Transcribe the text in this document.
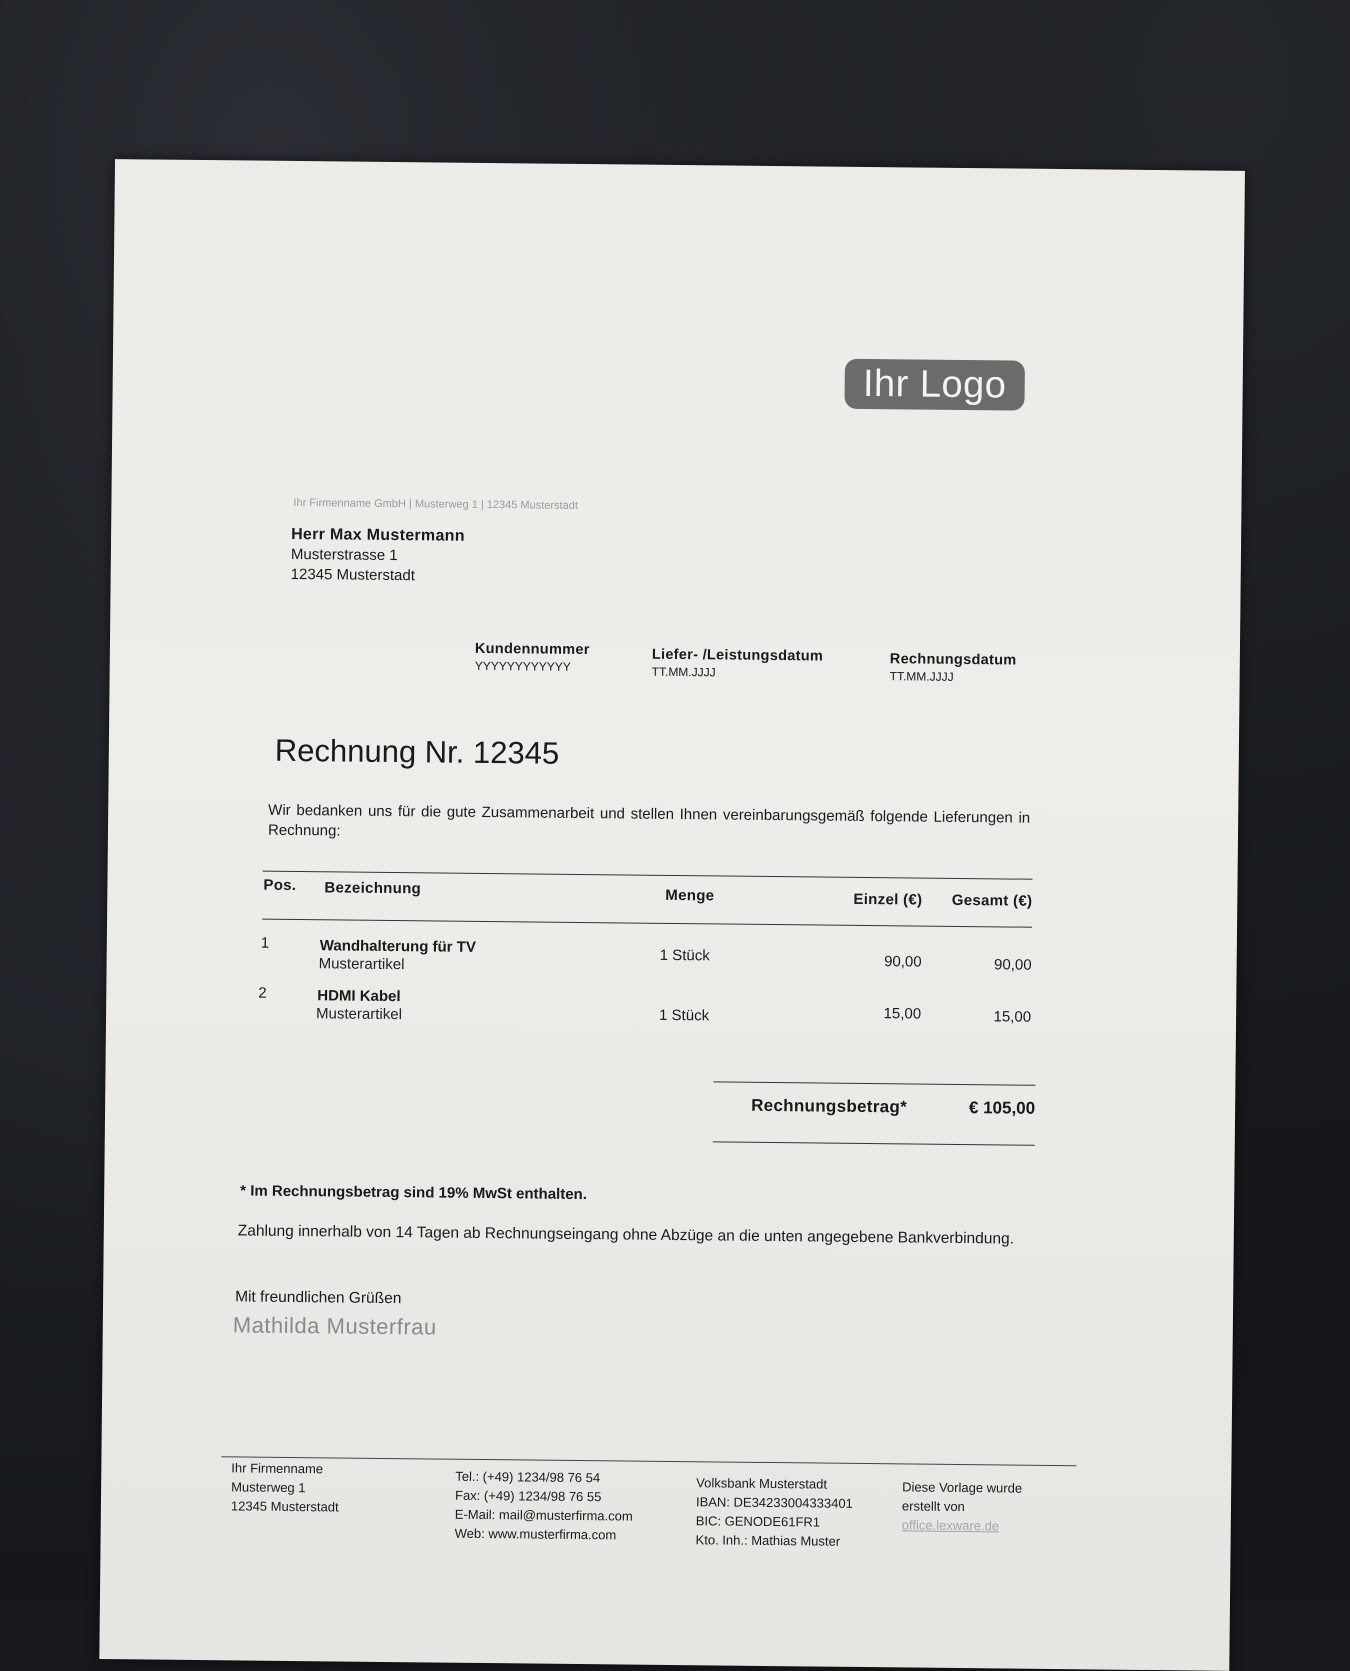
Ihr Logo
Ihr Firmenname GmbH | Musterweg 1 | 12345 Musterstadt
Herr Max Mustermann
Musterstrasse 1
12345 Musterstadt
Kundennummer
YYYYYYYYYYYY
Liefer- /Leistungsdatum
TT.MM.JJJJ
Rechnungsdatum
TT.MM.JJJJ
Rechnung Nr. 12345
Wir bedanken uns für die gute Zusammenarbeit und stellen Ihnen vereinbarungsgemäß folgende Lieferungen in Rechnung:
Pos. Bezeichnung	Menge	Einzel (€)	Gesamt (€)
1	Wandhalterung für TV
Musterartikel	1 Stück	90,00	90,00
2	HDMI Kabel
Musterartikel	1 Stück	15,00	15,00
Rechnungsbetrag*	€ 105,00
* Im Rechnungsbetrag sind 19% MwSt enthalten.
Zahlung innerhalb von 14 Tagen ab Rechnungseingang ohne Abzüge an die unten angegebene Bankverbindung.
Mit freundlichen Grüßen
Mathilda Musterfrau
Ihr Firmenname
Musterweg 1
12345 Musterstadt
Tel.: (+49) 1234/98 76 54
Fax: (+49) 1234/98 76 55
E-Mail: mail@musterfirma.com
Web: www.musterfirma.com
Volksbank Musterstadt
IBAN: DE34233004333401
BIC: GENODE61FR1
Kto. Inh.: Mathias Muster
Diese Vorlage wurde
erstellt von
office.lexware.de
